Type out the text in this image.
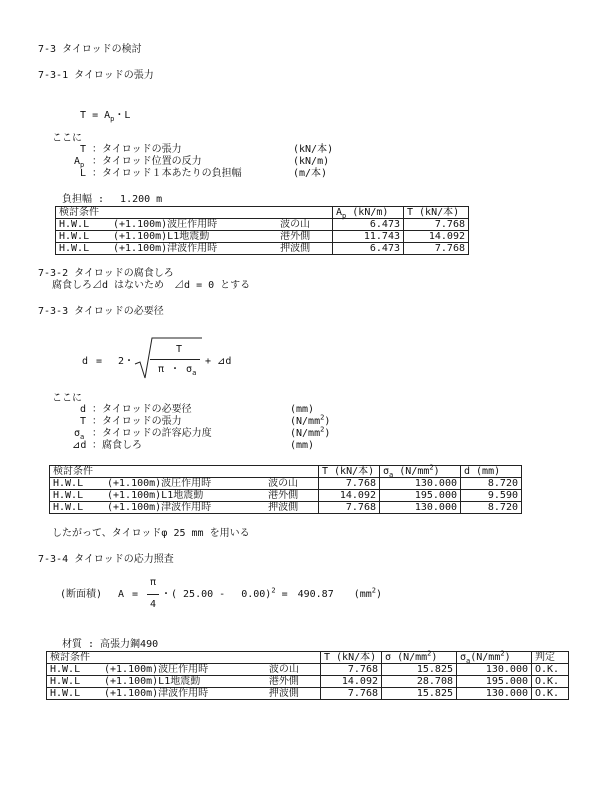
7-3 タイロッドの検討
7-3-1 タイロッドの張力
$T = A_p$・L
ここに
T ：タイロッドの張力	(kN/本)
$A_p$ ：タイロッド位置の反力	(kN/m)
L ：タイロッド１本あたりの負担幅	(m/本)
負担幅 :　 1.200 m
検討条件			$A_p$ (kN/m)	T (kN/本)
H.W.L	(+1.100m)波圧作用時	波の山	6.473	7.768
H.W.L	(+1.100m)L1地震動	港外側	11.743	14.092
H.W.L	(+1.100m)津波作用時	押波側	6.473	7.768
7-3-2 タイロッドの腐食しろ
腐食しろ⊿d はないため　⊿d = 0 とする
7-3-3 タイロッドの必要径
d = 2・
T
π ・ $\sigma_a$
+ ⊿d
ここに
d ：タイロッドの必要径	(mm)
T ：タイロッドの張力	$(N/mm^2)$
$\sigma_a$ ：タイロッドの許容応力度	$(N/mm^2)$
⊿d ：腐食しろ	(mm)
検討条件			T (kN/本)	$\sigma_a$ $(N/mm^2)$	d (mm)
H.W.L	(+1.100m)波圧作用時	波の山	7.768	130.000	8.720
H.W.L	(+1.100m)L1地震動	港外側	14.092	195.000	9.590
H.W.L	(+1.100m)津波作用時	押波側	7.768	130.000	8.720
したがって、タイロッドφ 25 mm を用いる
7-3-4 タイロッドの応力照査
(断面積) A =
π
4
・( 25.00 -　 0.00)$^2$ =　 490.87　　 $(mm^2)$
材質 : 高張力鋼490
検討条件			T (kN/本)	σ $(N/mm^2)$	$\sigma_a(N/mm^2)$	判定
H.W.L	(+1.100m)波圧作用時	波の山	7.768	15.825	130.000	O.K.
H.W.L	(+1.100m)L1地震動	港外側	14.092	28.708	195.000	O.K.
H.W.L	(+1.100m)津波作用時	押波側	7.768	15.825	130.000	O.K.
